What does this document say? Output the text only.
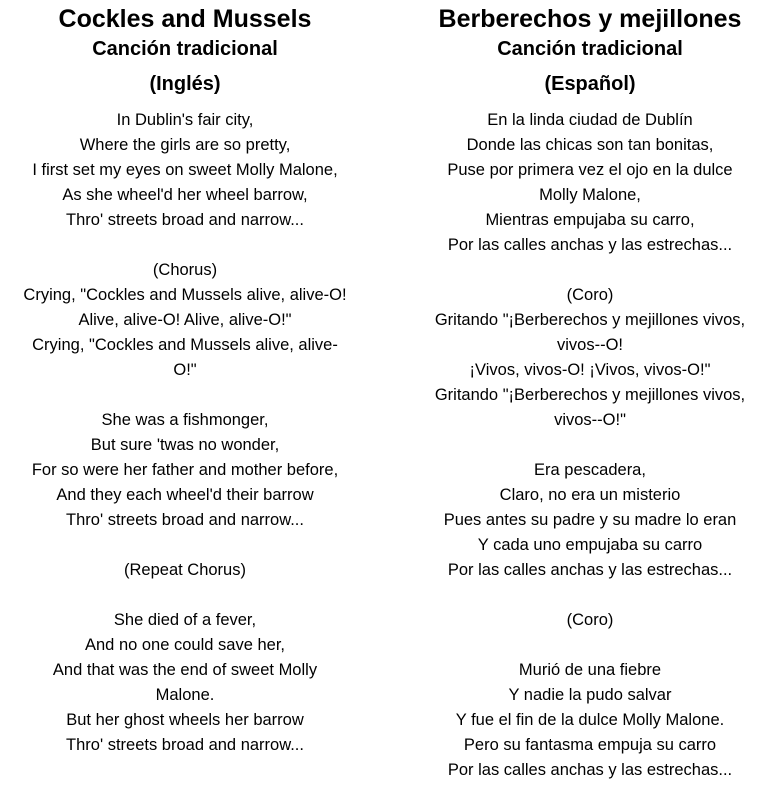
Cockles and Mussels
Canción tradicional
(Inglés)
In Dublin's fair city,
Where the girls are so pretty,
I first set my eyes on sweet Molly Malone,
As she wheel'd her wheel barrow,
Thro' streets broad and narrow...
(Chorus)
Crying, "Cockles and Mussels alive, alive-O!
Alive, alive-O! Alive, alive-O!"
Crying, "Cockles and Mussels alive, alive-
O!"
She was a fishmonger,
But sure 'twas no wonder,
For so were her father and mother before,
And they each wheel'd their barrow
Thro' streets broad and narrow...
(Repeat Chorus)
She died of a fever,
And no one could save her,
And that was the end of sweet Molly
Malone.
But her ghost wheels her barrow
Thro' streets broad and narrow...
Berberechos y mejillones
Canción tradicional
(Español)
En la linda ciudad de Dublín
Donde las chicas son tan bonitas,
Puse por primera vez el ojo en la dulce
Molly Malone,
Mientras empujaba su carro,
Por las calles anchas y las estrechas...
(Coro)
Gritando "¡Berberechos y mejillones vivos,
vivos--O!
¡Vivos, vivos-O! ¡Vivos, vivos-O!"
Gritando "¡Berberechos y mejillones vivos,
vivos--O!"
Era pescadera,
Claro, no era un misterio
Pues antes su padre y su madre lo eran
Y cada uno empujaba su carro
Por las calles anchas y las estrechas...
(Coro)
Murió de una fiebre
Y nadie la pudo salvar
Y fue el fin de la dulce Molly Malone.
Pero su fantasma empuja su carro
Por las calles anchas y las estrechas...
